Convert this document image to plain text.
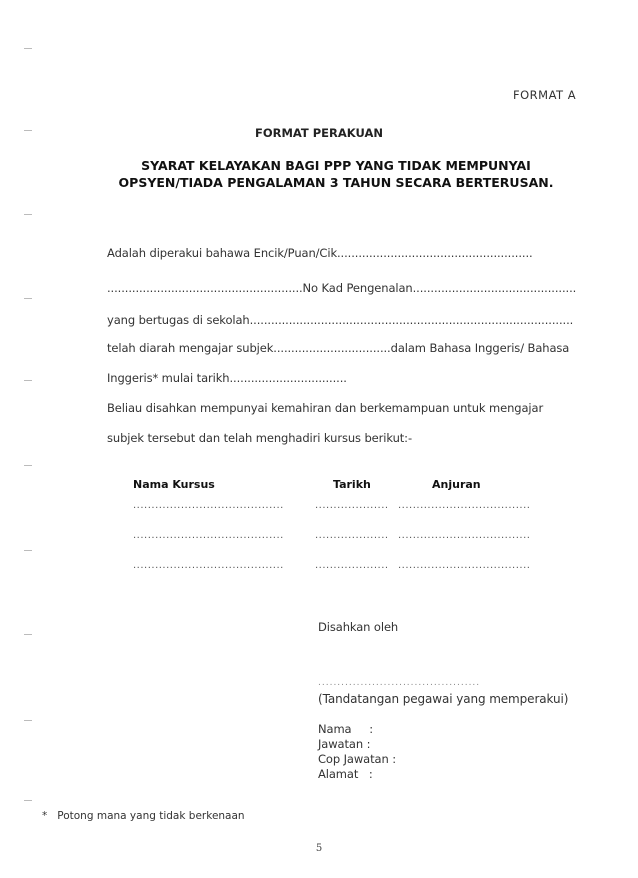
FORMAT A
FORMAT PERAKUAN
SYARAT KELAYAKAN BAGI PPP YANG TIDAK MEMPUNYAI
OPSYEN/TIADA PENGALAMAN 3 TAHUN SECARA BERTERUSAN.
Adalah diperakui bahawa Encik/Puan/Cik.......................................................
.......................................................No Kad Pengenalan..............................................
yang bertugas di sekolah...........................................................................................
telah diarah mengajar subjek.................................dalam Bahasa Inggeris/ Bahasa
Inggeris* mulai tarikh.................................
Beliau disahkan mempunyai kemahiran dan berkemampuan untuk mengajar
subjek tersebut dan telah menghadiri kursus berikut:-
Nama Kursus	Tarikh	Anjuran
.........................................	.................... ....................................
.........................................	.................... ....................................
.........................................	.................... ....................................
Disahkan oleh
..........................................
(Tandatangan pegawai yang memperakui)
Nama     :
Jawatan :
Cop Jawatan :
Alamat   :
*   Potong mana yang tidak berkenaan
5
